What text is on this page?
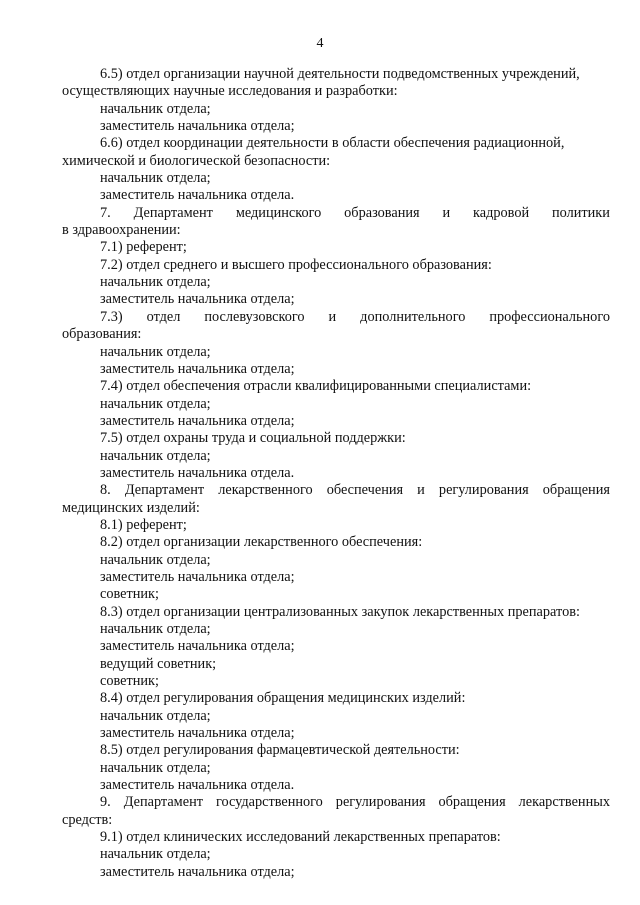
4
6.5) отдел организации научной деятельности подведомственных учреждений,
осуществляющих научные исследования и разработки:
начальник отдела;
заместитель начальника отдела;
6.6) отдел координации деятельности в области обеспечения радиационной,
химической и биологической безопасности:
начальник отдела;
заместитель начальника отдела.
7. Департамент медицинского образования и кадровой политики
в здравоохранении:
7.1) референт;
7.2) отдел среднего и высшего профессионального образования:
начальник отдела;
заместитель начальника отдела;
7.3) отдел послевузовского и дополнительного профессионального
образования:
начальник отдела;
заместитель начальника отдела;
7.4) отдел обеспечения отрасли квалифицированными специалистами:
начальник отдела;
заместитель начальника отдела;
7.5) отдел охраны труда и социальной поддержки:
начальник отдела;
заместитель начальника отдела.
8. Департамент лекарственного обеспечения и регулирования обращения
медицинских изделий:
8.1) референт;
8.2) отдел организации лекарственного обеспечения:
начальник отдела;
заместитель начальника отдела;
советник;
8.3) отдел организации централизованных закупок лекарственных препаратов:
начальник отдела;
заместитель начальника отдела;
ведущий советник;
советник;
8.4) отдел регулирования обращения медицинских изделий:
начальник отдела;
заместитель начальника отдела;
8.5) отдел регулирования фармацевтической деятельности:
начальник отдела;
заместитель начальника отдела.
9. Департамент государственного регулирования обращения лекарственных
средств:
9.1) отдел клинических исследований лекарственных препаратов:
начальник отдела;
заместитель начальника отдела;
